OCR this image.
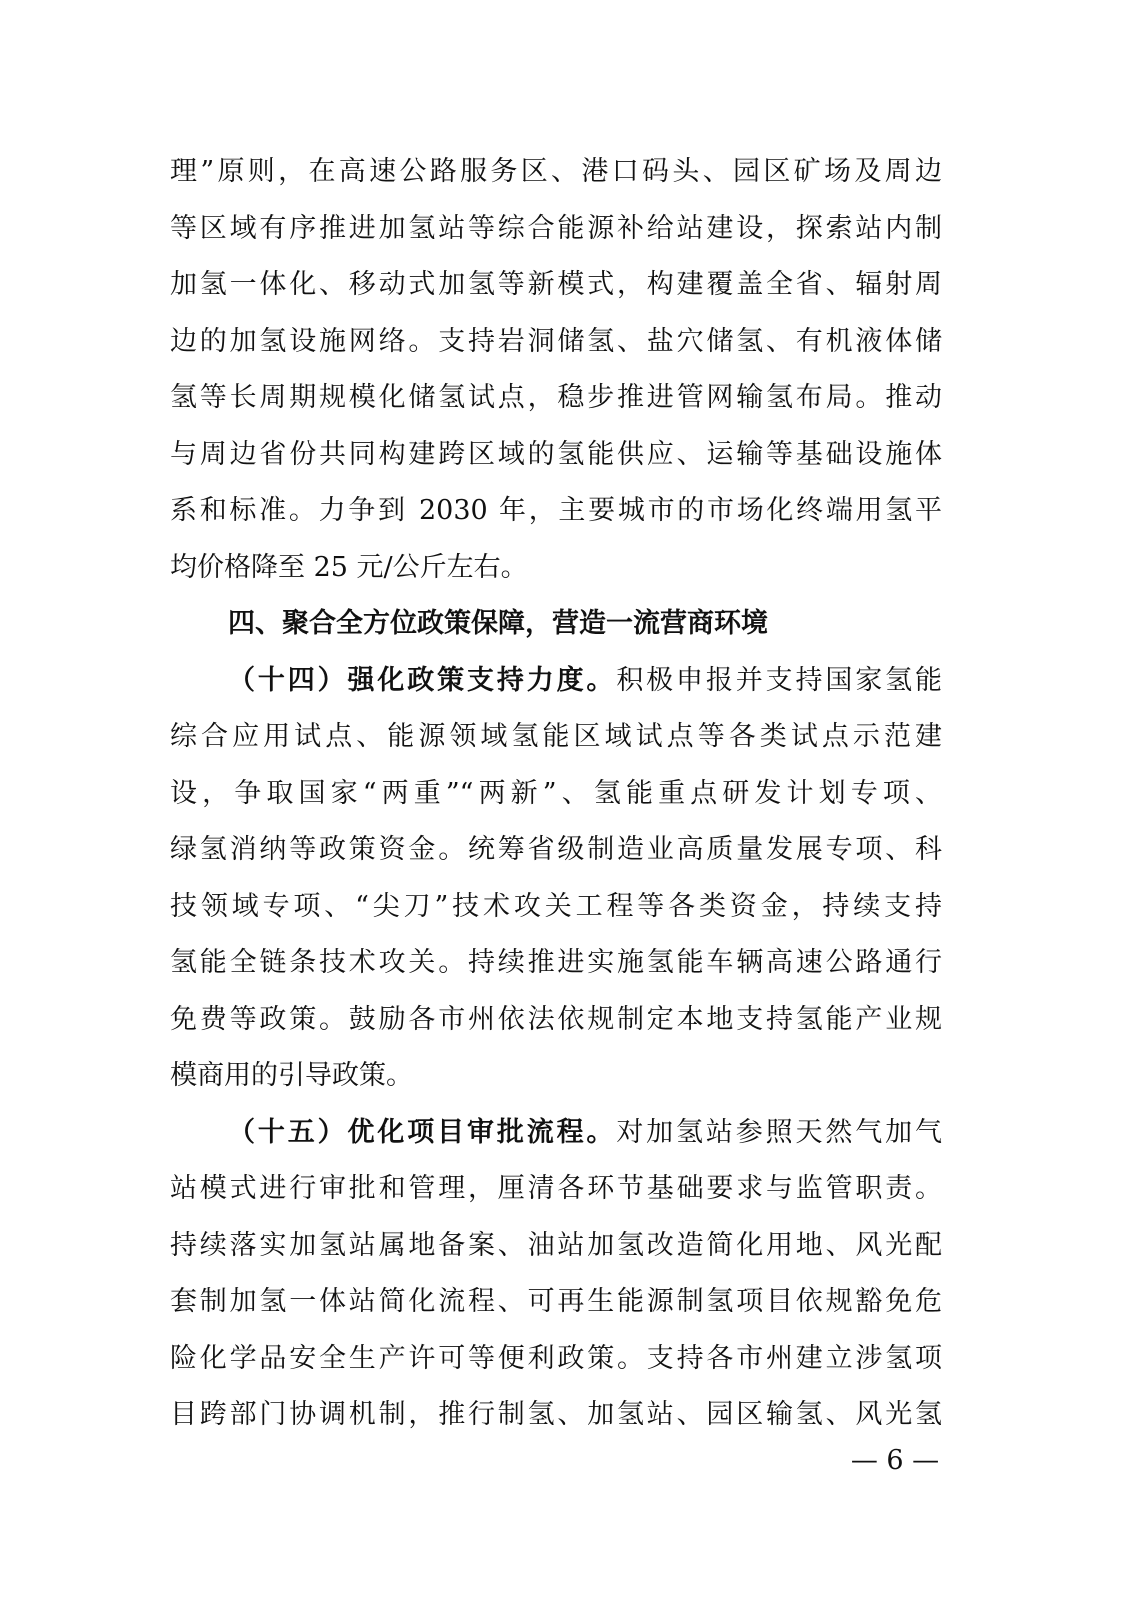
理”原则，在高速公路服务区、港口码头、园区矿场及周边
等区域有序推进加氢站等综合能源补给站建设，探索站内制
加氢一体化、移动式加氢等新模式，构建覆盖全省、辐射周
边的加氢设施网络。支持岩洞储氢、盐穴储氢、有机液体储
氢等长周期规模化储氢试点，稳步推进管网输氢布局。推动
与周边省份共同构建跨区域的氢能供应、运输等基础设施体
系和标准。力争到 2030 年，主要城市的市场化终端用氢平
均价格降至 25 元/公斤左右。
四、聚合全方位政策保障，营造一流营商环境
（十四）强化政策支持力度。积极申报并支持国家氢能
综合应用试点、能源领域氢能区域试点等各类试点示范建
设，争取国家“两重”“两新”、氢能重点研发计划专项、
绿氢消纳等政策资金。统筹省级制造业高质量发展专项、科
技领域专项、“尖刀”技术攻关工程等各类资金，持续支持
氢能全链条技术攻关。持续推进实施氢能车辆高速公路通行
免费等政策。鼓励各市州依法依规制定本地支持氢能产业规
模商用的引导政策。
（十五）优化项目审批流程。对加氢站参照天然气加气
站模式进行审批和管理，厘清各环节基础要求与监管职责。
持续落实加氢站属地备案、油站加氢改造简化用地、风光配
套制加氢一体站简化流程、可再生能源制氢项目依规豁免危
险化学品安全生产许可等便利政策。支持各市州建立涉氢项
目跨部门协调机制，推行制氢、加氢站、园区输氢、风光氢
— 6 —
